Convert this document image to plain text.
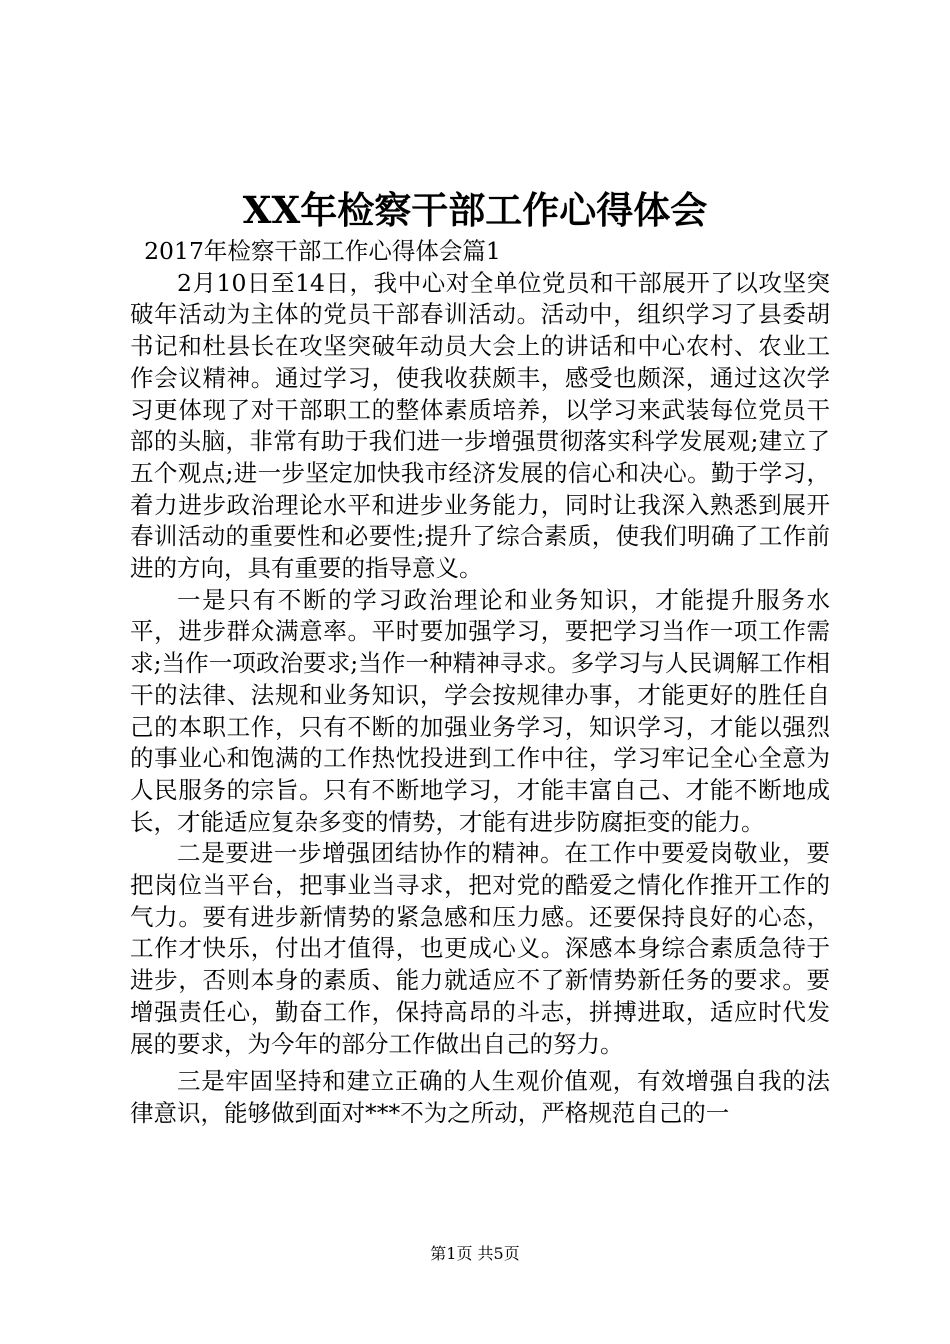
XX年检察干部工作心得体会

2017年检察干部工作心得体会篇1

2月10日至14日，我中心对全单位党员和干部展开了以攻坚突破年活动为主体的党员干部春训活动。活动中，组织学习了县委胡书记和杜县长在攻坚突破年动员大会上的讲话和中心农村、农业工作会议精神。通过学习，使我收获颇丰，感受也颇深，通过这次学习更体现了对干部职工的整体素质培养，以学习来武装每位党员干部的头脑，非常有助于我们进一步增强贯彻落实科学发展观;建立了五个观点;进一步坚定加快我市经济发展的信心和决心。勤于学习，着力进步政治理论水平和进步业务能力，同时让我深入熟悉到展开春训活动的重要性和必要性;提升了综合素质，使我们明确了工作前进的方向，具有重要的指导意义。

一是只有不断的学习政治理论和业务知识，才能提升服务水平，进步群众满意率。平时要加强学习，要把学习当作一项工作需求;当作一项政治要求;当作一种精神寻求。多学习与人民调解工作相干的法律、法规和业务知识，学会按规律办事，才能更好的胜任自己的本职工作，只有不断的加强业务学习，知识学习，才能以强烈的事业心和饱满的工作热忱投进到工作中往，学习牢记全心全意为人民服务的宗旨。只有不断地学习，才能丰富自己、才能不断地成长，才能适应复杂多变的情势，才能有进步防腐拒变的能力。

二是要进一步增强团结协作的精神。在工作中要爱岗敬业，要把岗位当平台，把事业当寻求，把对党的酷爱之情化作推开工作的气力。要有进步新情势的紧急感和压力感。还要保持良好的心态，工作才快乐，付出才值得，也更成心义。深感本身综合素质急待于进步，否则本身的素质、能力就适应不了新情势新任务的要求。要增强责任心，勤奋工作，保持高昂的斗志，拼搏进取，适应时代发展的要求，为今年的部分工作做出自己的努力。

三是牢固坚持和建立正确的人生观价值观，有效增强自我的法律意识，能够做到面对***不为之所动，严格规范自己的一

第1页 共5页
